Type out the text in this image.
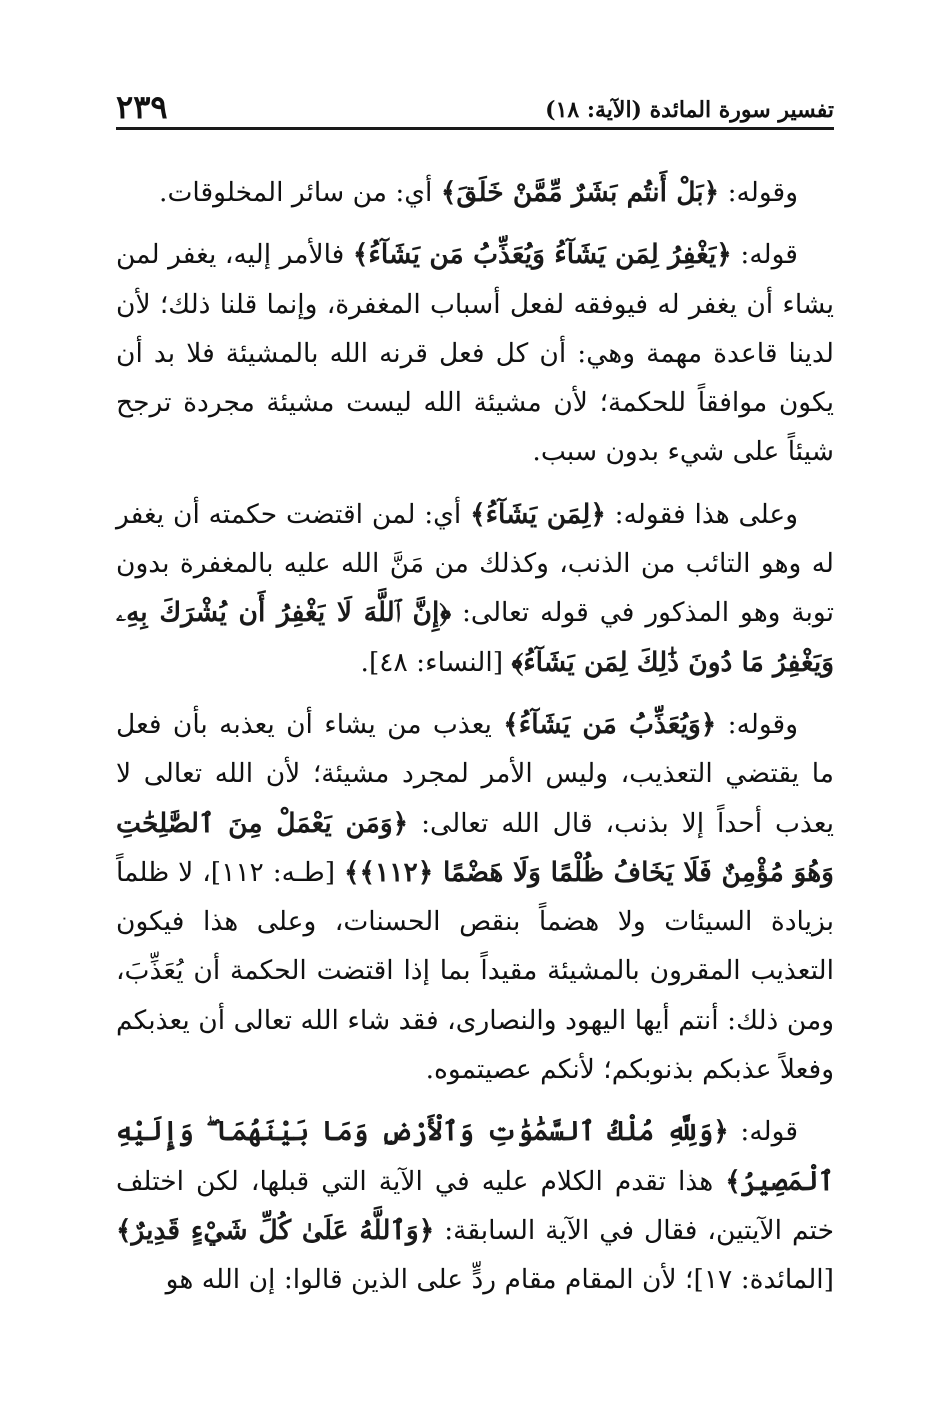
تفسير سورة المائدة (الآية: ١٨)
٢٣٩

وقوله: ﴿بَلْ أَنتُم بَشَرٌ مِّمَّنْ خَلَقَ﴾ أي: من سائر المخلوقات.

قوله: ﴿يَغْفِرُ لِمَن يَشَآءُ وَيُعَذِّبُ مَن يَشَآءُ﴾ فالأمر إليه، يغفر لمن يشاء أن يغفر له فيوفقه لفعل أسباب المغفرة، وإنما قلنا ذلك؛ لأن لدينا قاعدة مهمة وهي: أن كل فعل قرنه الله بالمشيئة فلا بد أن يكون موافقاً للحكمة؛ لأن مشيئة الله ليست مشيئة مجردة ترجح شيئاً على شيء بدون سبب.

وعلى هذا فقوله: ﴿لِمَن يَشَآءُ﴾ أي: لمن اقتضت حكمته أن يغفر له وهو التائب من الذنب، وكذلك من مَنَّ الله عليه بالمغفرة بدون توبة وهو المذكور في قوله تعالى: ﴿إِنَّ ٱللَّهَ لَا يَغْفِرُ أَن يُشْرَكَ بِهِۦ وَيَغْفِرُ مَا دُونَ ذَٰلِكَ لِمَن يَشَآءُ﴾ [النساء: ٤٨].

وقوله: ﴿وَيُعَذِّبُ مَن يَشَآءُ﴾ يعذب من يشاء أن يعذبه بأن فعل ما يقتضي التعذيب، وليس الأمر لمجرد مشيئة؛ لأن الله تعالى لا يعذب أحداً إلا بذنب، قال الله تعالى: ﴿وَمَن يَعْمَلْ مِنَ ٱلصَّٰلِحَٰتِ وَهُوَ مُؤْمِنٌ فَلَا يَخَافُ ظُلْمًا وَلَا هَضْمًا ﴿١١٢﴾﴾ [طـه: ١١٢]، لا ظلماً بزيادة السيئات ولا هضماً بنقص الحسنات، وعلى هذا فيكون التعذيب المقرون بالمشيئة مقيداً بما إذا اقتضت الحكمة أن يُعَذِّبَ، ومن ذلك: أنتم أيها اليهود والنصارى، فقد شاء الله تعالى أن يعذبكم وفعلاً عذبكم بذنوبكم؛ لأنكم عصيتموه.

قوله: ﴿وَلِلَّهِ مُلْكُ ٱلسَّمَٰوَٰتِ وَٱلْأَرْضِ وَمَا بَيْنَهُمَا ۖ وَإِلَيْهِ ٱلْمَصِيرُ﴾ هذا تقدم الكلام عليه في الآية التي قبلها، لكن اختلف ختم الآيتين، فقال في الآية السابقة: ﴿وَٱللَّهُ عَلَىٰ كُلِّ شَيْءٍ قَدِيرٌ﴾ [المائدة: ١٧]؛ لأن المقام مقام ردٍّ على الذين قالوا: إن الله هو
